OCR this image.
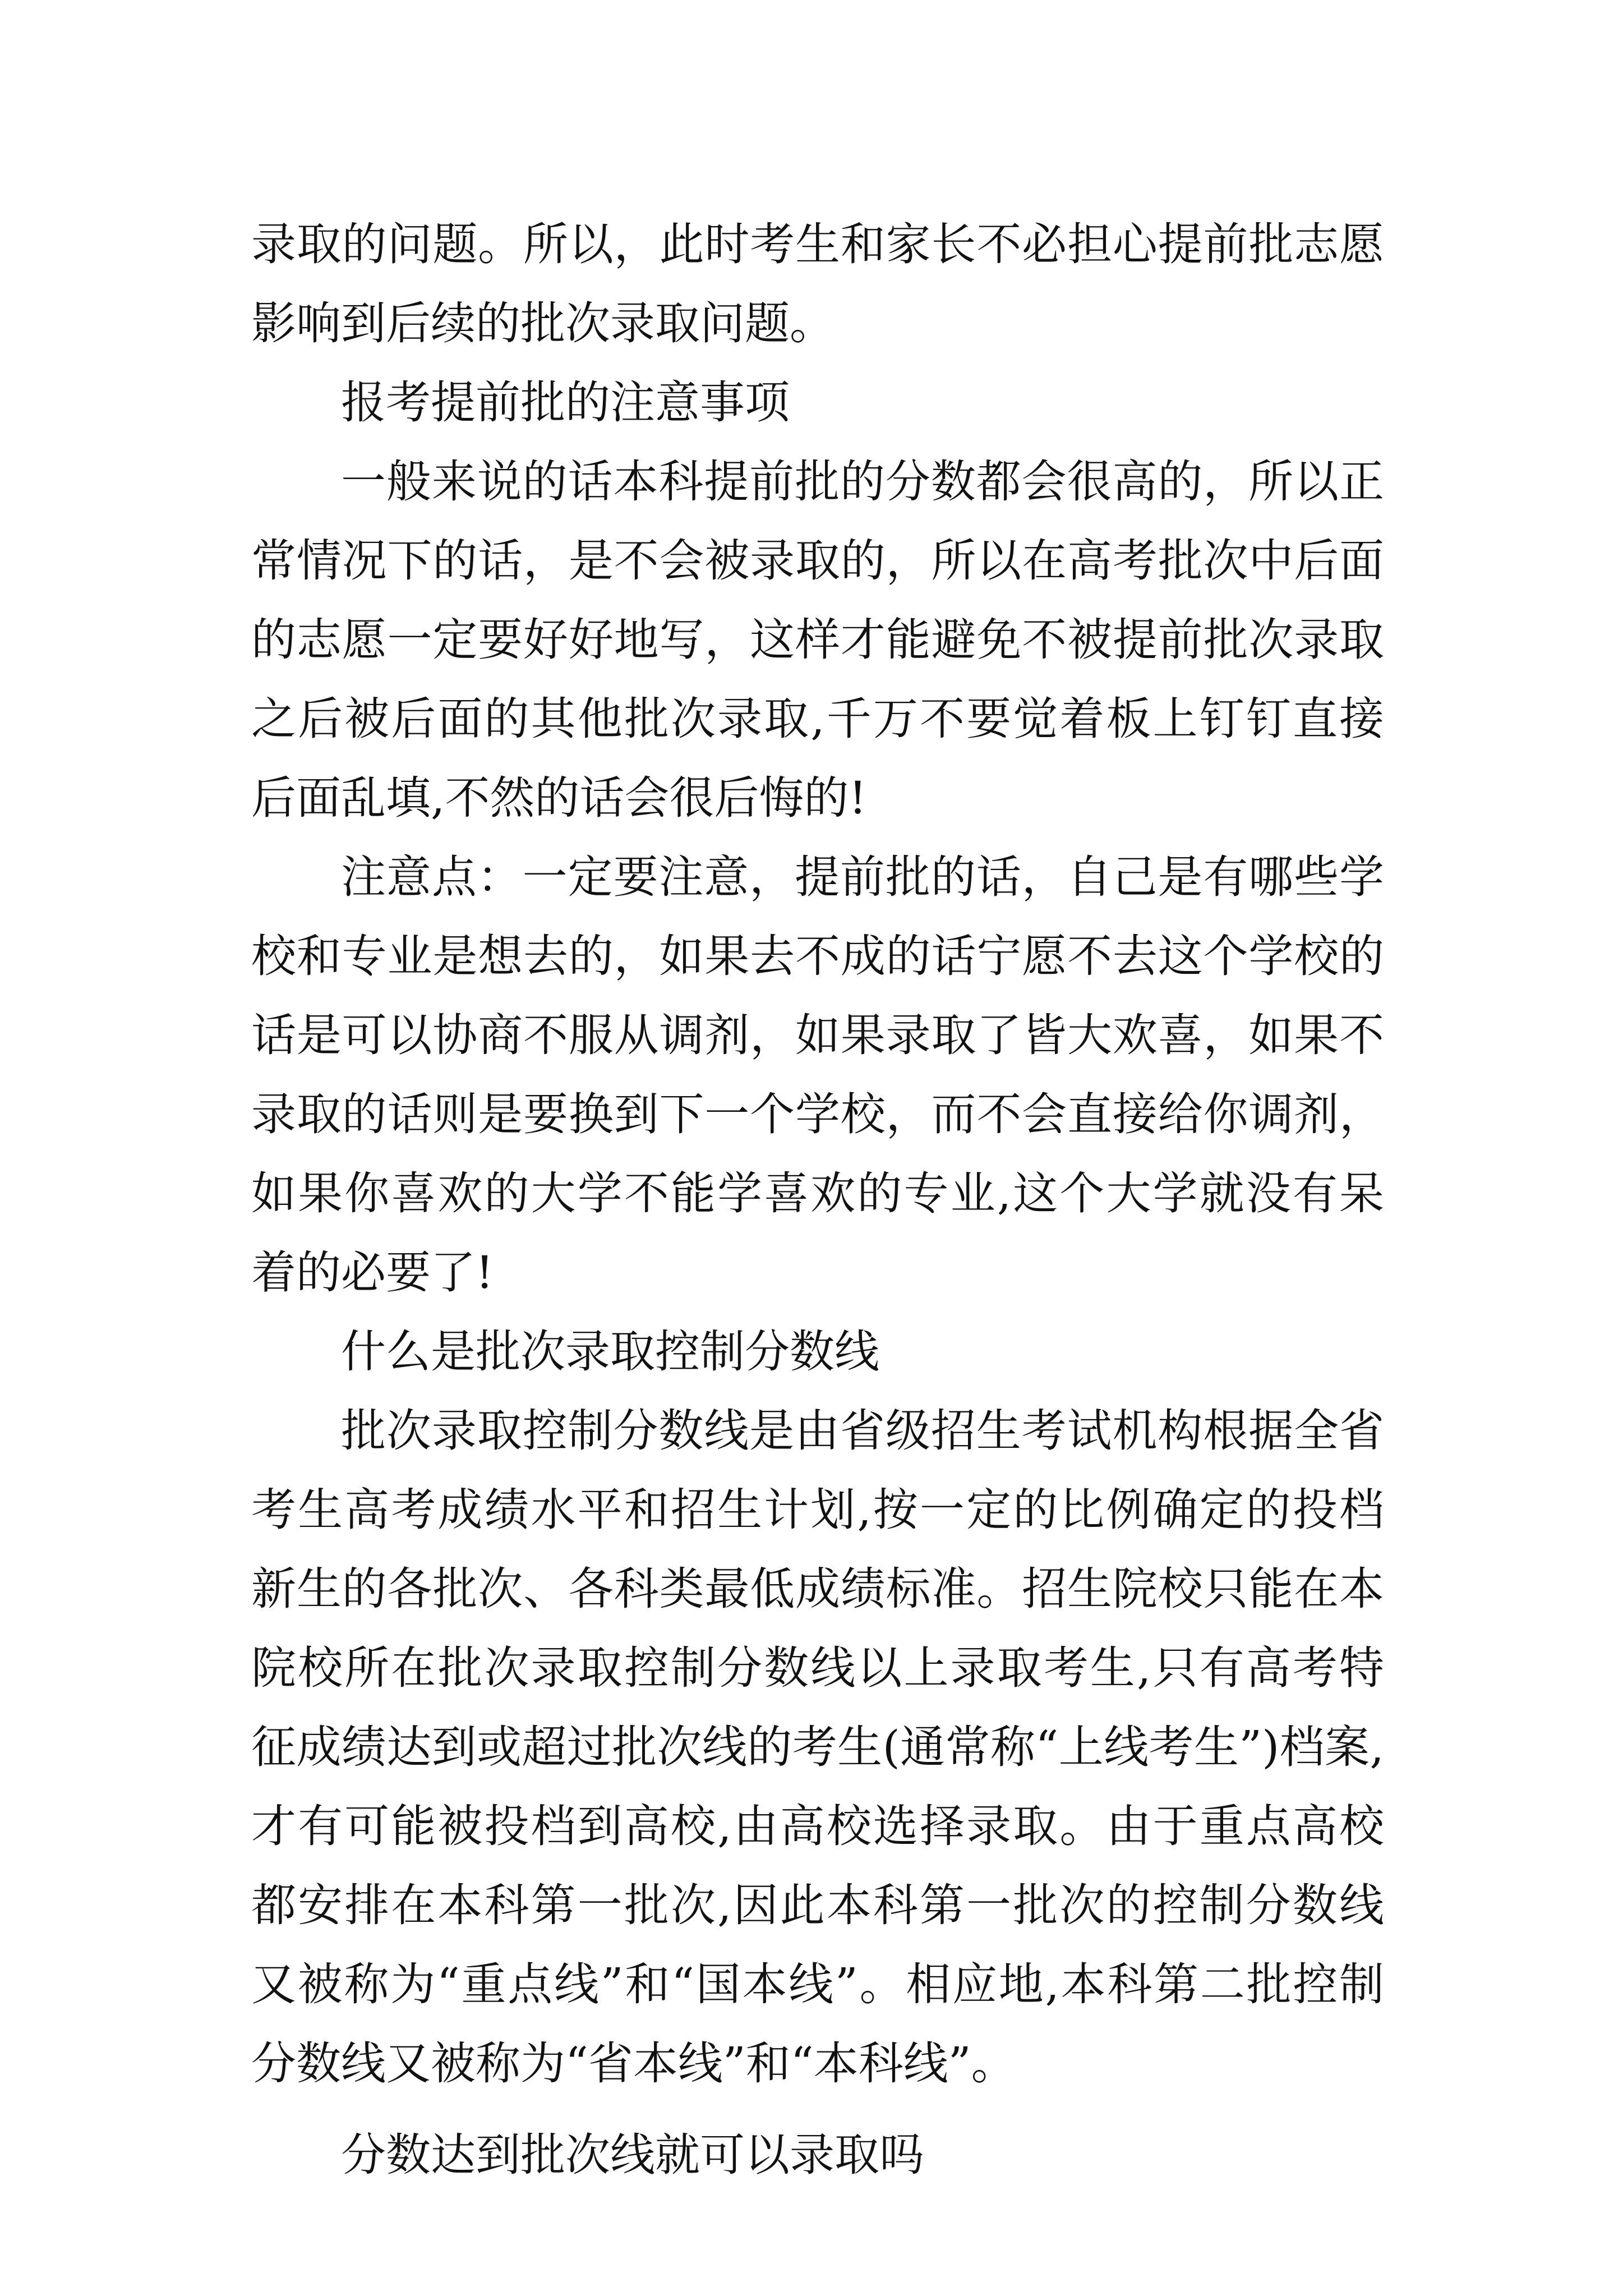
录取的问题。所以，此时考生和家长不必担心提前批志愿影响到后续的批次录取问题。

报考提前批的注意事项

一般来说的话本科提前批的分数都会很高的，所以正常情况下的话，是不会被录取的，所以在高考批次中后面的志愿一定要好好地写，这样才能避免不被提前批次录取之后被后面的其他批次录取,千万不要觉着板上钉钉直接后面乱填,不然的话会很后悔的!

注意点：一定要注意，提前批的话，自己是有哪些学校和专业是想去的，如果去不成的话宁愿不去这个学校的话是可以协商不服从调剂，如果录取了皆大欢喜，如果不录取的话则是要换到下一个学校，而不会直接给你调剂，如果你喜欢的大学不能学喜欢的专业,这个大学就没有呆着的必要了!

什么是批次录取控制分数线

批次录取控制分数线是由省级招生考试机构根据全省考生高考成绩水平和招生计划,按一定的比例确定的投档新生的各批次、各科类最低成绩标准。招生院校只能在本院校所在批次录取控制分数线以上录取考生,只有高考特征成绩达到或超过批次线的考生(通常称“上线考生”)档案,才有可能被投档到高校,由高校选择录取。由于重点高校都安排在本科第一批次,因此本科第一批次的控制分数线又被称为“重点线”和“国本线”。相应地,本科第二批控制分数线又被称为“省本线”和“本科线”。

分数达到批次线就可以录取吗
